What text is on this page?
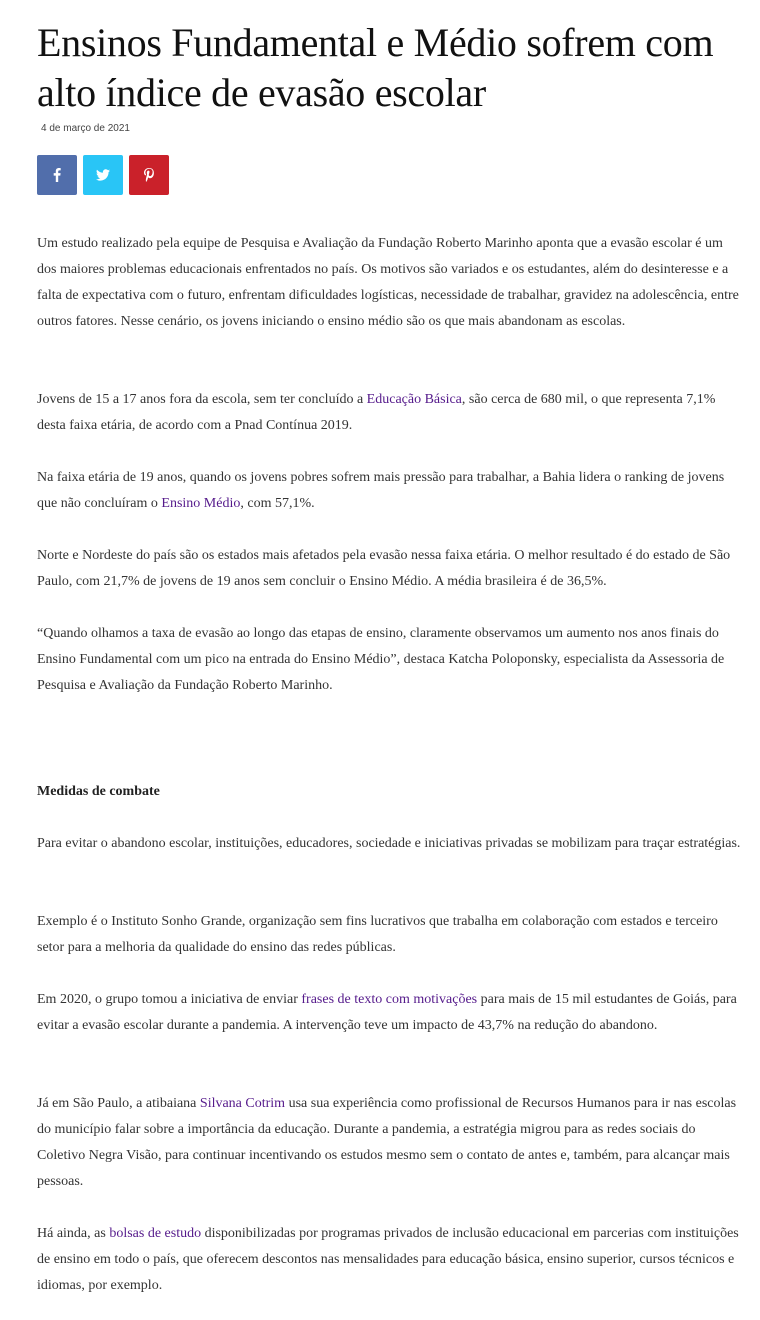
Ensinos Fundamental e Médio sofrem com alto índice de evasão escolar
4 de março de 2021

Um estudo realizado pela equipe de Pesquisa e Avaliação da Fundação Roberto Marinho aponta que a evasão escolar é um dos maiores problemas educacionais enfrentados no país. Os motivos são variados e os estudantes, além do desinteresse e a falta de expectativa com o futuro, enfrentam dificuldades logísticas, necessidade de trabalhar, gravidez na adolescência, entre outros fatores. Nesse cenário, os jovens iniciando o ensino médio são os que mais abandonam as escolas.

Jovens de 15 a 17 anos fora da escola, sem ter concluído a Educação Básica, são cerca de 680 mil, o que representa 7,1% desta faixa etária, de acordo com a Pnad Contínua 2019.

Na faixa etária de 19 anos, quando os jovens pobres sofrem mais pressão para trabalhar, a Bahia lidera o ranking de jovens que não concluíram o Ensino Médio, com 57,1%.

Norte e Nordeste do país são os estados mais afetados pela evasão nessa faixa etária. O melhor resultado é do estado de São Paulo, com 21,7% de jovens de 19 anos sem concluir o Ensino Médio. A média brasileira é de 36,5%.

“Quando olhamos a taxa de evasão ao longo das etapas de ensino, claramente observamos um aumento nos anos finais do Ensino Fundamental com um pico na entrada do Ensino Médio”, destaca Katcha Poloponsky, especialista da Assessoria de Pesquisa e Avaliação da Fundação Roberto Marinho.

Medidas de combate

Para evitar o abandono escolar, instituições, educadores, sociedade e iniciativas privadas se mobilizam para traçar estratégias.

Exemplo é o Instituto Sonho Grande, organização sem fins lucrativos que trabalha em colaboração com estados e terceiro setor para a melhoria da qualidade do ensino das redes públicas.

Em 2020, o grupo tomou a iniciativa de enviar frases de texto com motivações para mais de 15 mil estudantes de Goiás, para evitar a evasão escolar durante a pandemia. A intervenção teve um impacto de 43,7% na redução do abandono.

Já em São Paulo, a atibaiana Silvana Cotrim usa sua experiência como profissional de Recursos Humanos para ir nas escolas do município falar sobre a importância da educação. Durante a pandemia, a estratégia migrou para as redes sociais do Coletivo Negra Visão, para continuar incentivando os estudos mesmo sem o contato de antes e, também, para alcançar mais pessoas.

Há ainda, as bolsas de estudo disponibilizadas por programas privados de inclusão educacional em parcerias com instituições de ensino em todo o país, que oferecem descontos nas mensalidades para educação básica, ensino superior, cursos técnicos e idiomas, por exemplo.
